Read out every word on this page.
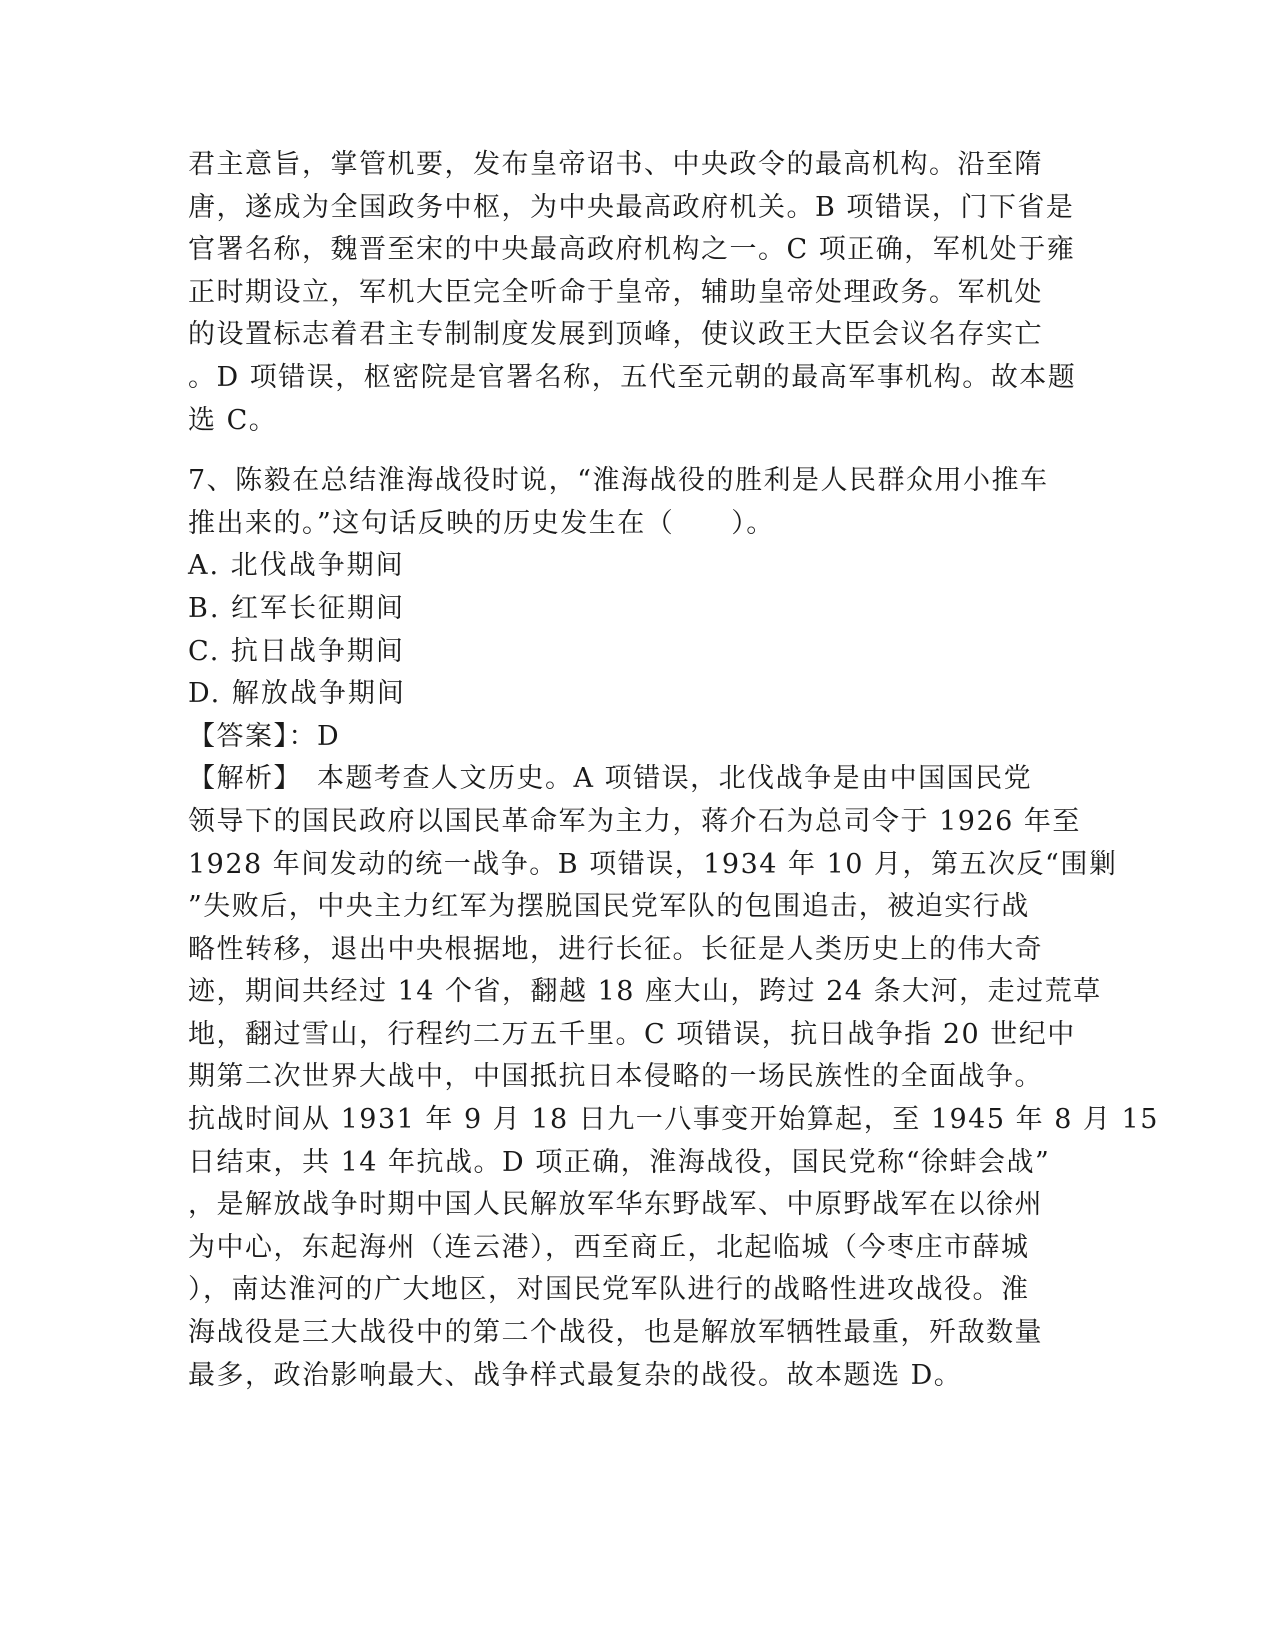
君主意旨，掌管机要，发布皇帝诏书、中央政令的最高机构。沿至隋
唐，遂成为全国政务中枢，为中央最高政府机关。B 项错误，门下省是
官署名称，魏晋至宋的中央最高政府机构之一。C 项正确，军机处于雍
正时期设立，军机大臣完全听命于皇帝，辅助皇帝处理政务。军机处
的设置标志着君主专制制度发展到顶峰，使议政王大臣会议名存实亡
。D 项错误，枢密院是官署名称，五代至元朝的最高军事机构。故本题
选 C。
7、陈毅在总结淮海战役时说，“淮海战役的胜利是人民群众用小推车
推出来的。”这句话反映的历史发生在（　　）。
A. 北伐战争期间
B. 红军长征期间
C. 抗日战争期间
D. 解放战争期间
【答案】：D
【解析】　本题考查人文历史。A 项错误，北伐战争是由中国国民党
领导下的国民政府以国民革命军为主力，蒋介石为总司令于 1926 年至
1928 年间发动的统一战争。B 项错误，1934 年 10 月，第五次反“围剿
”失败后，中央主力红军为摆脱国民党军队的包围追击，被迫实行战
略性转移，退出中央根据地，进行长征。长征是人类历史上的伟大奇
迹，期间共经过 14 个省，翻越 18 座大山，跨过 24 条大河，走过荒草
地，翻过雪山，行程约二万五千里。C 项错误，抗日战争指 20 世纪中
期第二次世界大战中，中国抵抗日本侵略的一场民族性的全面战争。
抗战时间从 1931 年 9 月 18 日九一八事变开始算起，至 1945 年 8 月 15
日结束，共 14 年抗战。D 项正确，淮海战役，国民党称“徐蚌会战”
，是解放战争时期中国人民解放军华东野战军、中原野战军在以徐州
为中心，东起海州（连云港），西至商丘，北起临城（今枣庄市薛城
），南达淮河的广大地区，对国民党军队进行的战略性进攻战役。淮
海战役是三大战役中的第二个战役，也是解放军牺牲最重，歼敌数量
最多，政治影响最大、战争样式最复杂的战役。故本题选 D。
